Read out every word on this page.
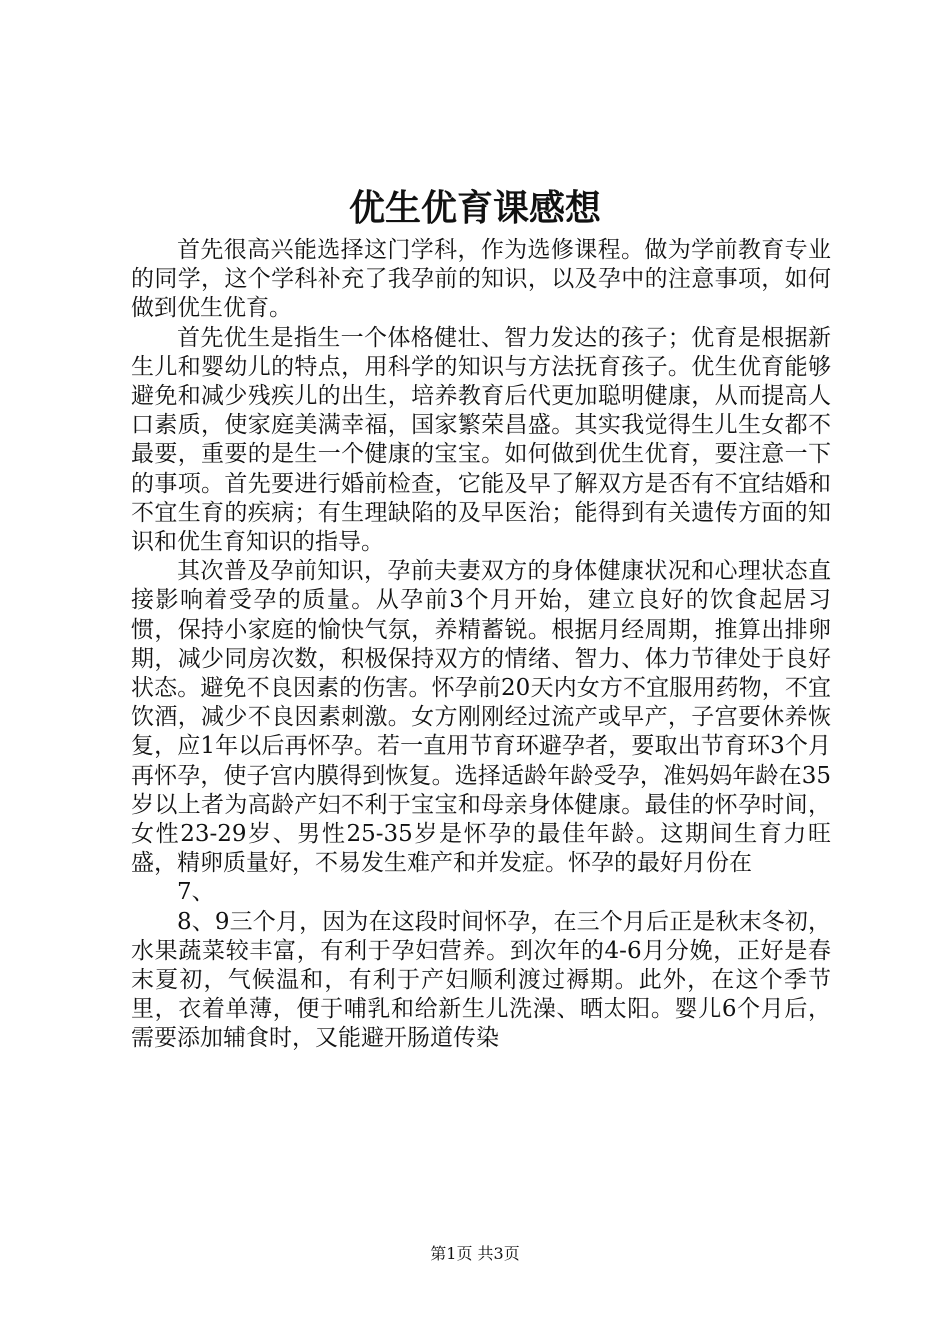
优生优育课感想

首先很高兴能选择这门学科，作为选修课程。做为学前教育专业的同学，这个学科补充了我孕前的知识，以及孕中的注意事项，如何做到优生优育。

首先优生是指生一个体格健壮、智力发达的孩子；优育是根据新生儿和婴幼儿的特点，用科学的知识与方法抚育孩子。优生优育能够避免和减少残疾儿的出生，培养教育后代更加聪明健康，从而提高人口素质，使家庭美满幸福，国家繁荣昌盛。其实我觉得生儿生女都不最要，重要的是生一个健康的宝宝。如何做到优生优育，要注意一下的事项。首先要进行婚前检查，它能及早了解双方是否有不宜结婚和不宜生育的疾病；有生理缺陷的及早医治；能得到有关遗传方面的知识和优生育知识的指导。

其次普及孕前知识，孕前夫妻双方的身体健康状况和心理状态直接影响着受孕的质量。从孕前3个月开始，建立良好的饮食起居习惯，保持小家庭的愉快气氛，养精蓄锐。根据月经周期，推算出排卵期，减少同房次数，积极保持双方的情绪、智力、体力节律处于良好状态。避免不良因素的伤害。怀孕前20天内女方不宜服用药物，不宜饮酒，减少不良因素刺激。女方刚刚经过流产或早产，子宫要休养恢复，应1年以后再怀孕。若一直用节育环避孕者，要取出节育环3个月再怀孕，使子宫内膜得到恢复。选择适龄年龄受孕，准妈妈年龄在35岁以上者为高龄产妇不利于宝宝和母亲身体健康。最佳的怀孕时间，女性23-29岁、男性25-35岁是怀孕的最佳年龄。这期间生育力旺盛，精卵质量好，不易发生难产和并发症。怀孕的最好月份在

7、

8、9三个月，因为在这段时间怀孕，在三个月后正是秋末冬初，水果蔬菜较丰富，有利于孕妇营养。到次年的4-6月分娩，正好是春末夏初，气候温和，有利于产妇顺利渡过褥期。此外，在这个季节里，衣着单薄，便于哺乳和给新生儿洗澡、晒太阳。婴儿6个月后，需要添加辅食时，又能避开肠道传染

第1页 共3页
